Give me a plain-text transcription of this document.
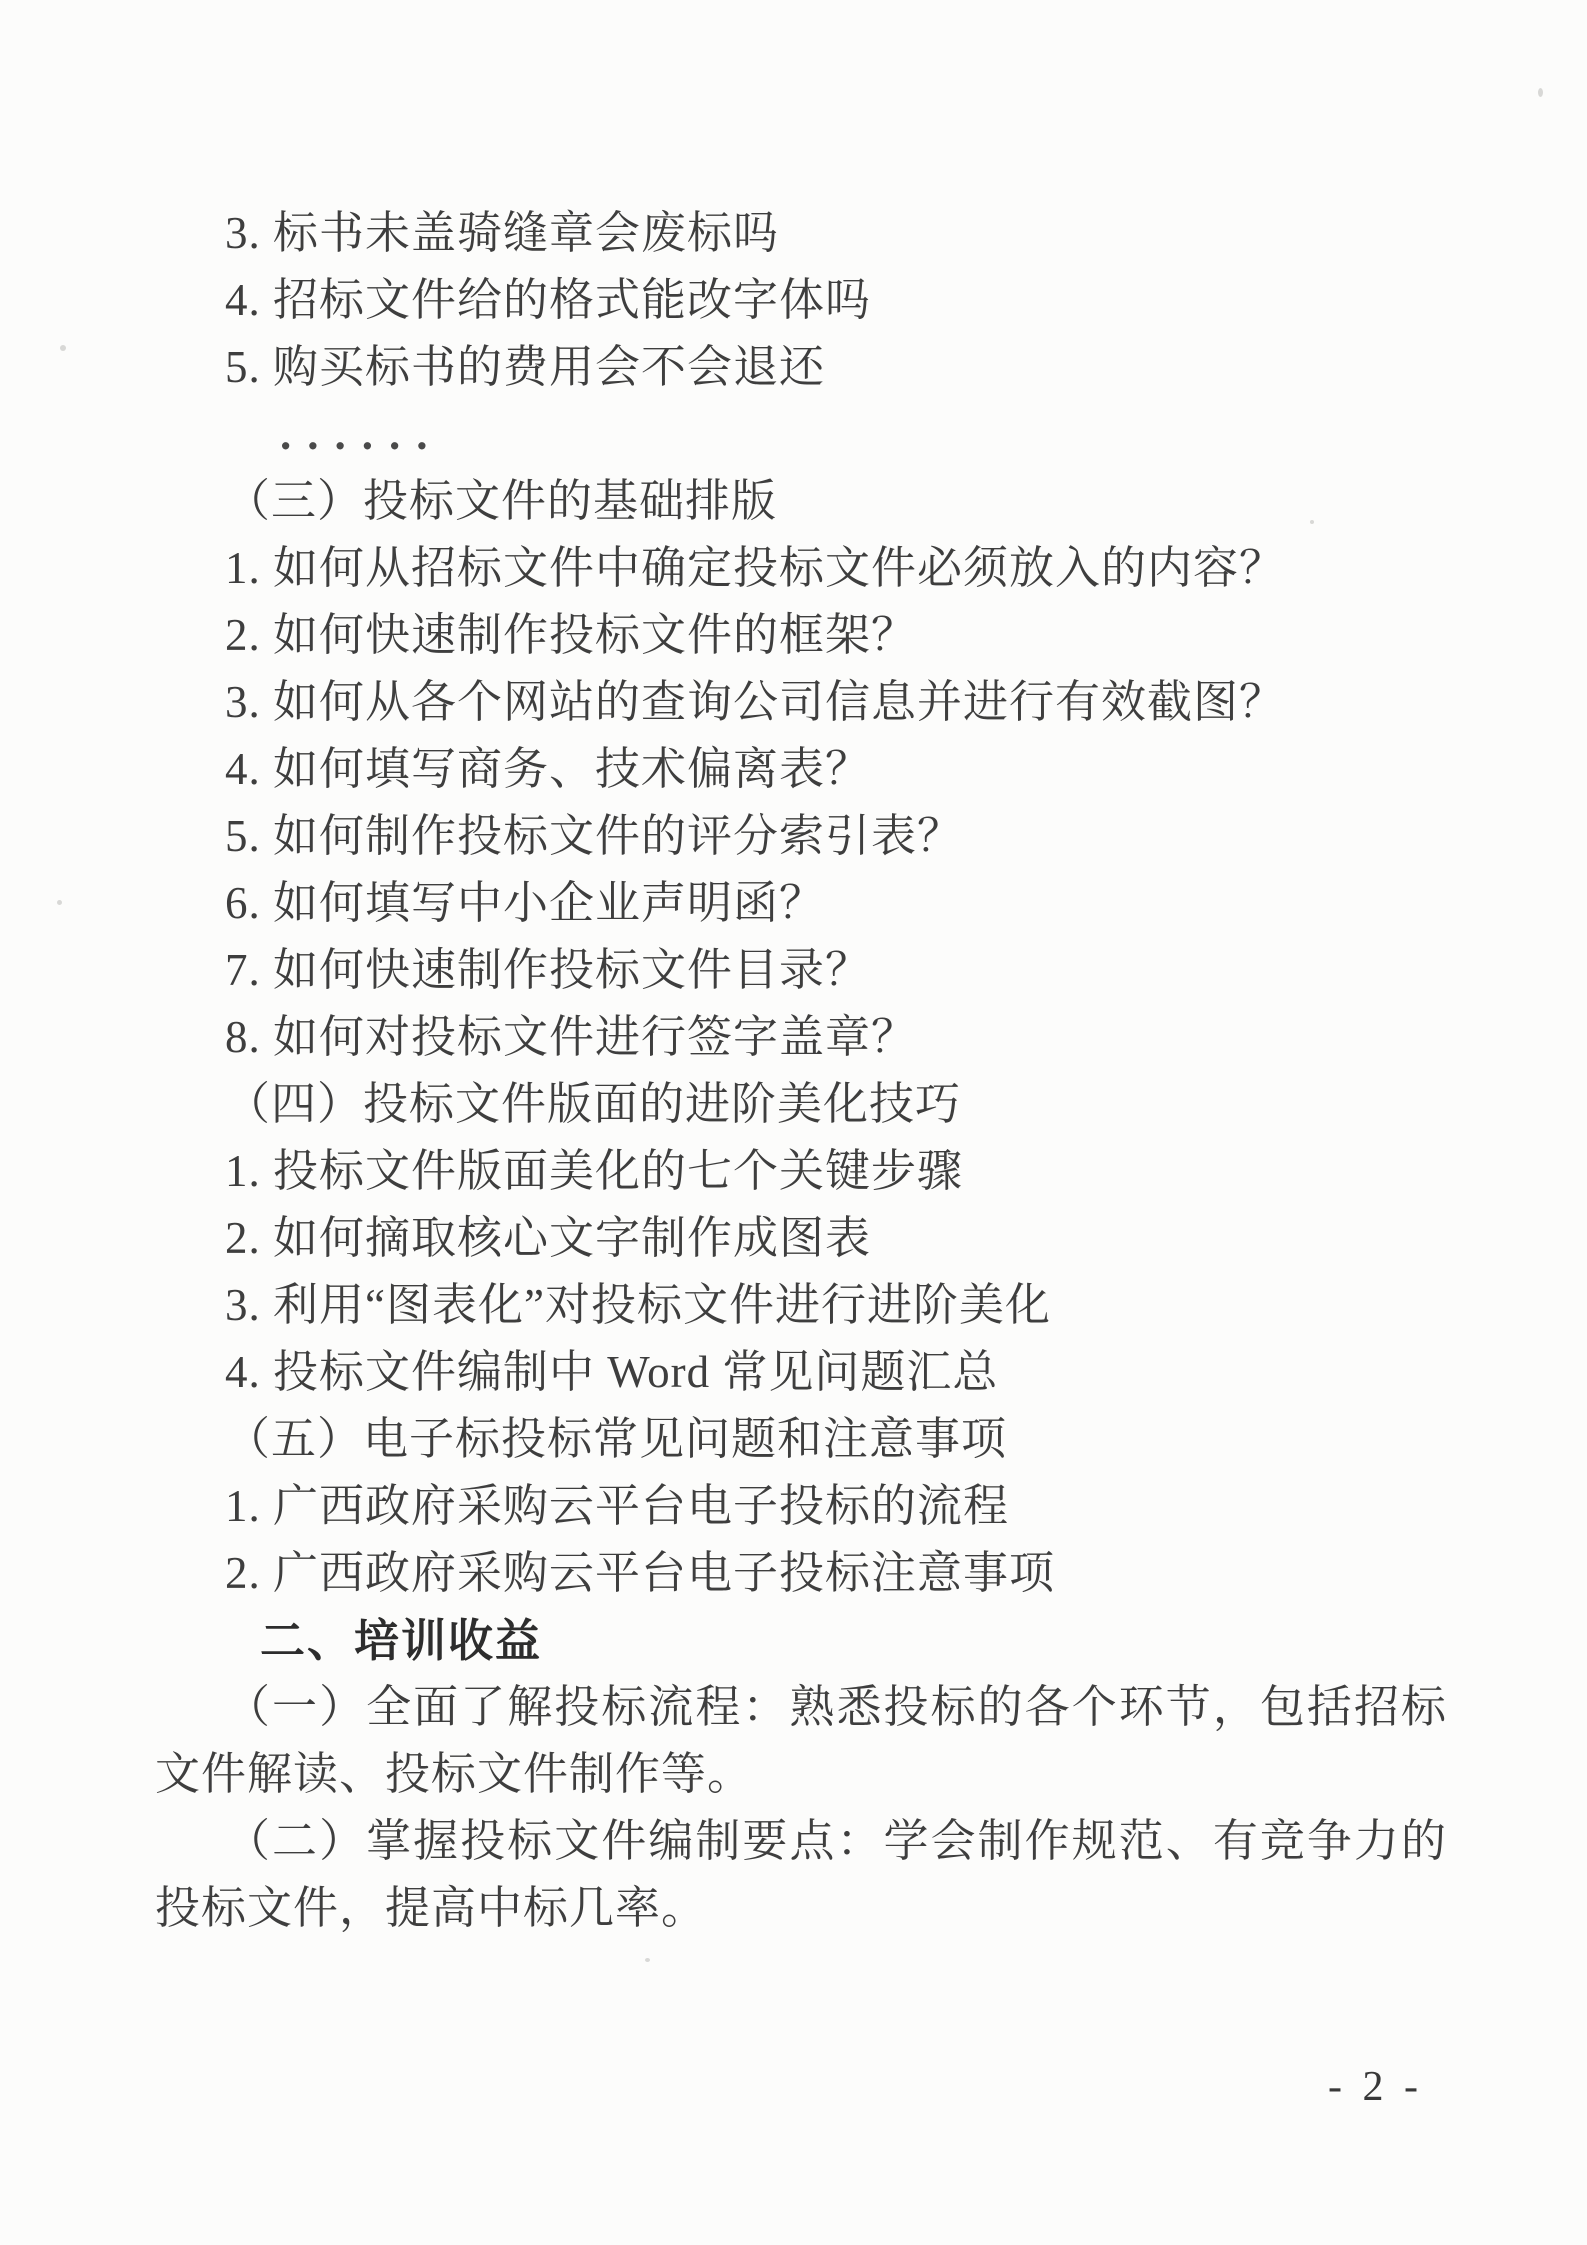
3. 标书未盖骑缝章会废标吗
4. 招标文件给的格式能改字体吗
5. 购买标书的费用会不会退还
......
（三）投标文件的基础排版
1. 如何从招标文件中确定投标文件必须放入的内容？
2. 如何快速制作投标文件的框架？
3. 如何从各个网站的查询公司信息并进行有效截图？
4. 如何填写商务、技术偏离表？
5. 如何制作投标文件的评分索引表？
6. 如何填写中小企业声明函？
7. 如何快速制作投标文件目录？
8. 如何对投标文件进行签字盖章？
（四）投标文件版面的进阶美化技巧
1. 投标文件版面美化的七个关键步骤
2. 如何摘取核心文字制作成图表
3. 利用“图表化”对投标文件进行进阶美化
4. 投标文件编制中 Word 常见问题汇总
（五）电子标投标常见问题和注意事项
1. 广西政府采购云平台电子投标的流程
2. 广西政府采购云平台电子投标注意事项
二、培训收益
（一）全面了解投标流程：熟悉投标的各个环节，包括招标文件解读、投标文件制作等。
（二）掌握投标文件编制要点：学会制作规范、有竞争力的投标文件，提高中标几率。
- 2 -
